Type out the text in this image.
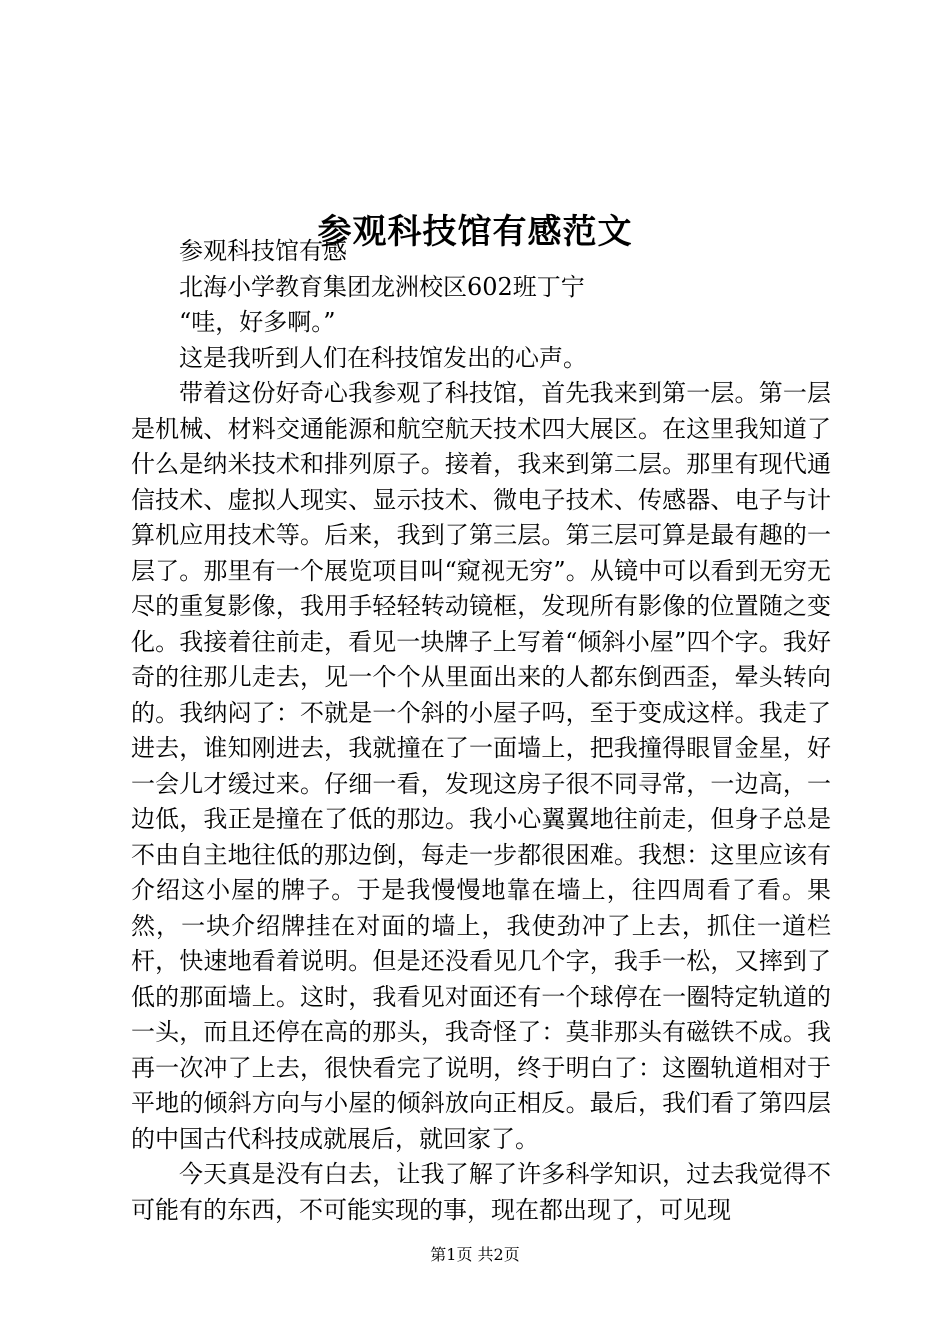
参观科技馆有感范文

参观科技馆有感

北海小学教育集团龙洲校区602班丁宁

“哇，好多啊。”

这是我听到人们在科技馆发出的心声。

带着这份好奇心我参观了科技馆，首先我来到第一层。第一层是机械、材料交通能源和航空航天技术四大展区。在这里我知道了什么是纳米技术和排列原子。接着，我来到第二层。那里有现代通信技术、虚拟人现实、显示技术、微电子技术、传感器、电子与计算机应用技术等。后来，我到了第三层。第三层可算是最有趣的一层了。那里有一个展览项目叫“窥视无穷”。从镜中可以看到无穷无尽的重复影像，我用手轻轻转动镜框，发现所有影像的位置随之变化。我接着往前走，看见一块牌子上写着“倾斜小屋”四个字。我好奇的往那儿走去，见一个个从里面出来的人都东倒西歪，晕头转向的。我纳闷了：不就是一个斜的小屋子吗，至于变成这样。我走了进去，谁知刚进去，我就撞在了一面墙上，把我撞得眼冒金星，好一会儿才缓过来。仔细一看，发现这房子很不同寻常，一边高，一边低，我正是撞在了低的那边。我小心翼翼地往前走，但身子总是不由自主地往低的那边倒，每走一步都很困难。我想：这里应该有介绍这小屋的牌子。于是我慢慢地靠在墙上，往四周看了看。果然，一块介绍牌挂在对面的墙上，我使劲冲了上去，抓住一道栏杆，快速地看着说明。但是还没看见几个字，我手一松，又摔到了低的那面墙上。这时，我看见对面还有一个球停在一圈特定轨道的一头，而且还停在高的那头，我奇怪了：莫非那头有磁铁不成。我再一次冲了上去，很快看完了说明，终于明白了：这圈轨道相对于平地的倾斜方向与小屋的倾斜放向正相反。最后，我们看了第四层的中国古代科技成就展后，就回家了。

今天真是没有白去，让我了解了许多科学知识，过去我觉得不可能有的东西，不可能实现的事，现在都出现了，可见现

第1页 共2页
